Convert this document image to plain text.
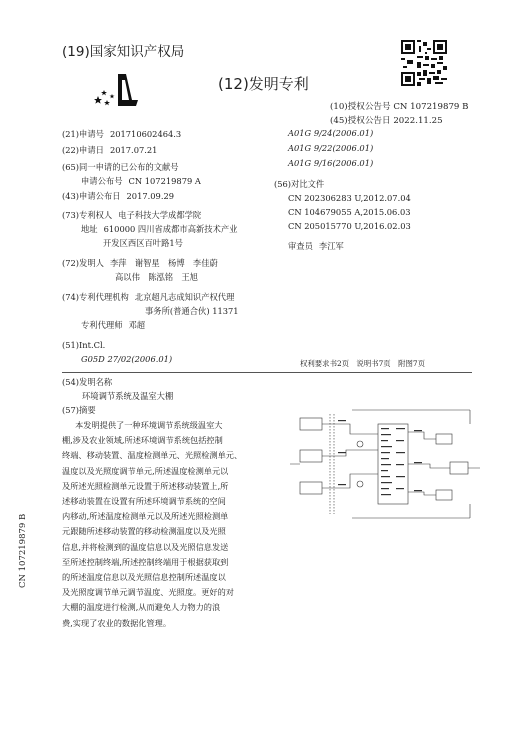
(19)国家知识产权局
(12)发明专利
(10)授权公告号 CN 107219879 B
(45)授权公告日 2022.11.25
(21)申请号 201710602464.3
(22)申请日 2017.07.21
(65)同一申请的已公布的文献号
申请公布号 CN 107219879 A
(43)申请公布日 2017.09.29
(73)专利权人 电子科技大学成都学院
地址 610000 四川省成都市高新技术产业
开发区西区百叶路1号
(72)发明人 李萍　谢智星　杨博　李佳蔚
高以伟　陈泓铭　王旭
(74)专利代理机构 北京超凡志成知识产权代理
事务所(普通合伙) 11371
专利代理师 邓超
(51)Int.Cl.
G05D 27/02(2006.01)
A01G 9/24(2006.01)
A01G 9/22(2006.01)
A01G 9/16(2006.01)
(56)对比文件
CN 202306283 U,2012.07.04
CN 104679055 A,2015.06.03
CN 205015770 U,2016.02.03
审查员 李江军
权利要求书2页　说明书7页　附图7页
(54)发明名称
环境调节系统及温室大棚
(57)摘要

本发明提供了一种环境调节系统级温室大

棚,涉及农业领域,所述环境调节系统包括控制

终端、移动装置、温度检测单元、光照检测单元、

温度以及光照度调节单元,所述温度检测单元以

及所述光照检测单元设置于所述移动装置上,所

述移动装置在设置有所述环境调节系统的空间

内移动,所述温度检测单元以及所述光照检测单

元跟随所述移动装置的移动检测温度以及光照

信息,并将检测到的温度信息以及光照信息发送

至所述控制终端,所述控制终端用于根据获取到

的所述温度信息以及光照信息控制所述温度以

及光照度调节单元调节温度、光照度。更好的对

大棚的温度进行检测,从而避免人力物力的浪

费,实现了农业的数据化管理。

CN 107219879 B
